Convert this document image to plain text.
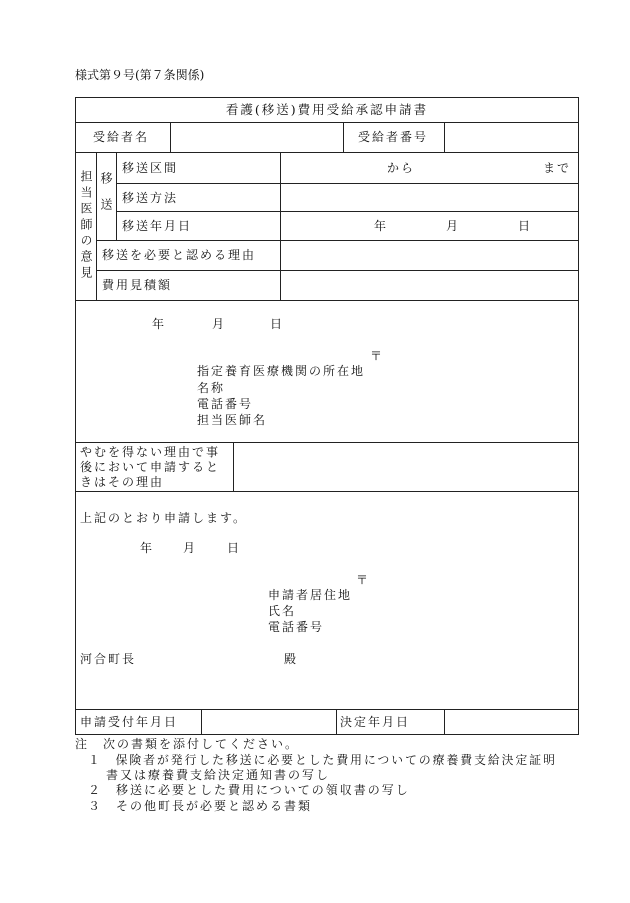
様式第９号(第７条関係)
看護(移送)費用受給承認申請書
受給者名	受給者番号
担当医師の意見 移送
移送区間	から	まで
移送方法
移送年月日	年	月	日
移送を必要と認める理由
費用見積額
年	月	日
〒
指定養育医療機関の所在地
名称
電話番号
担当医師名
やむを得ない理由で事
後において申請すると
きはその理由
上記のとおり申請します。
年	月	日
〒
申請者居住地
氏名
電話番号
河合町長	殿
申請受付年月日	決定年月日
注　次の書類を添付してください。
１　保険者が発行した移送に必要とした費用についての療養費支給決定証明
書又は療養費支給決定通知書の写し
２　移送に必要とした費用についての領収書の写し
３　その他町長が必要と認める書類
